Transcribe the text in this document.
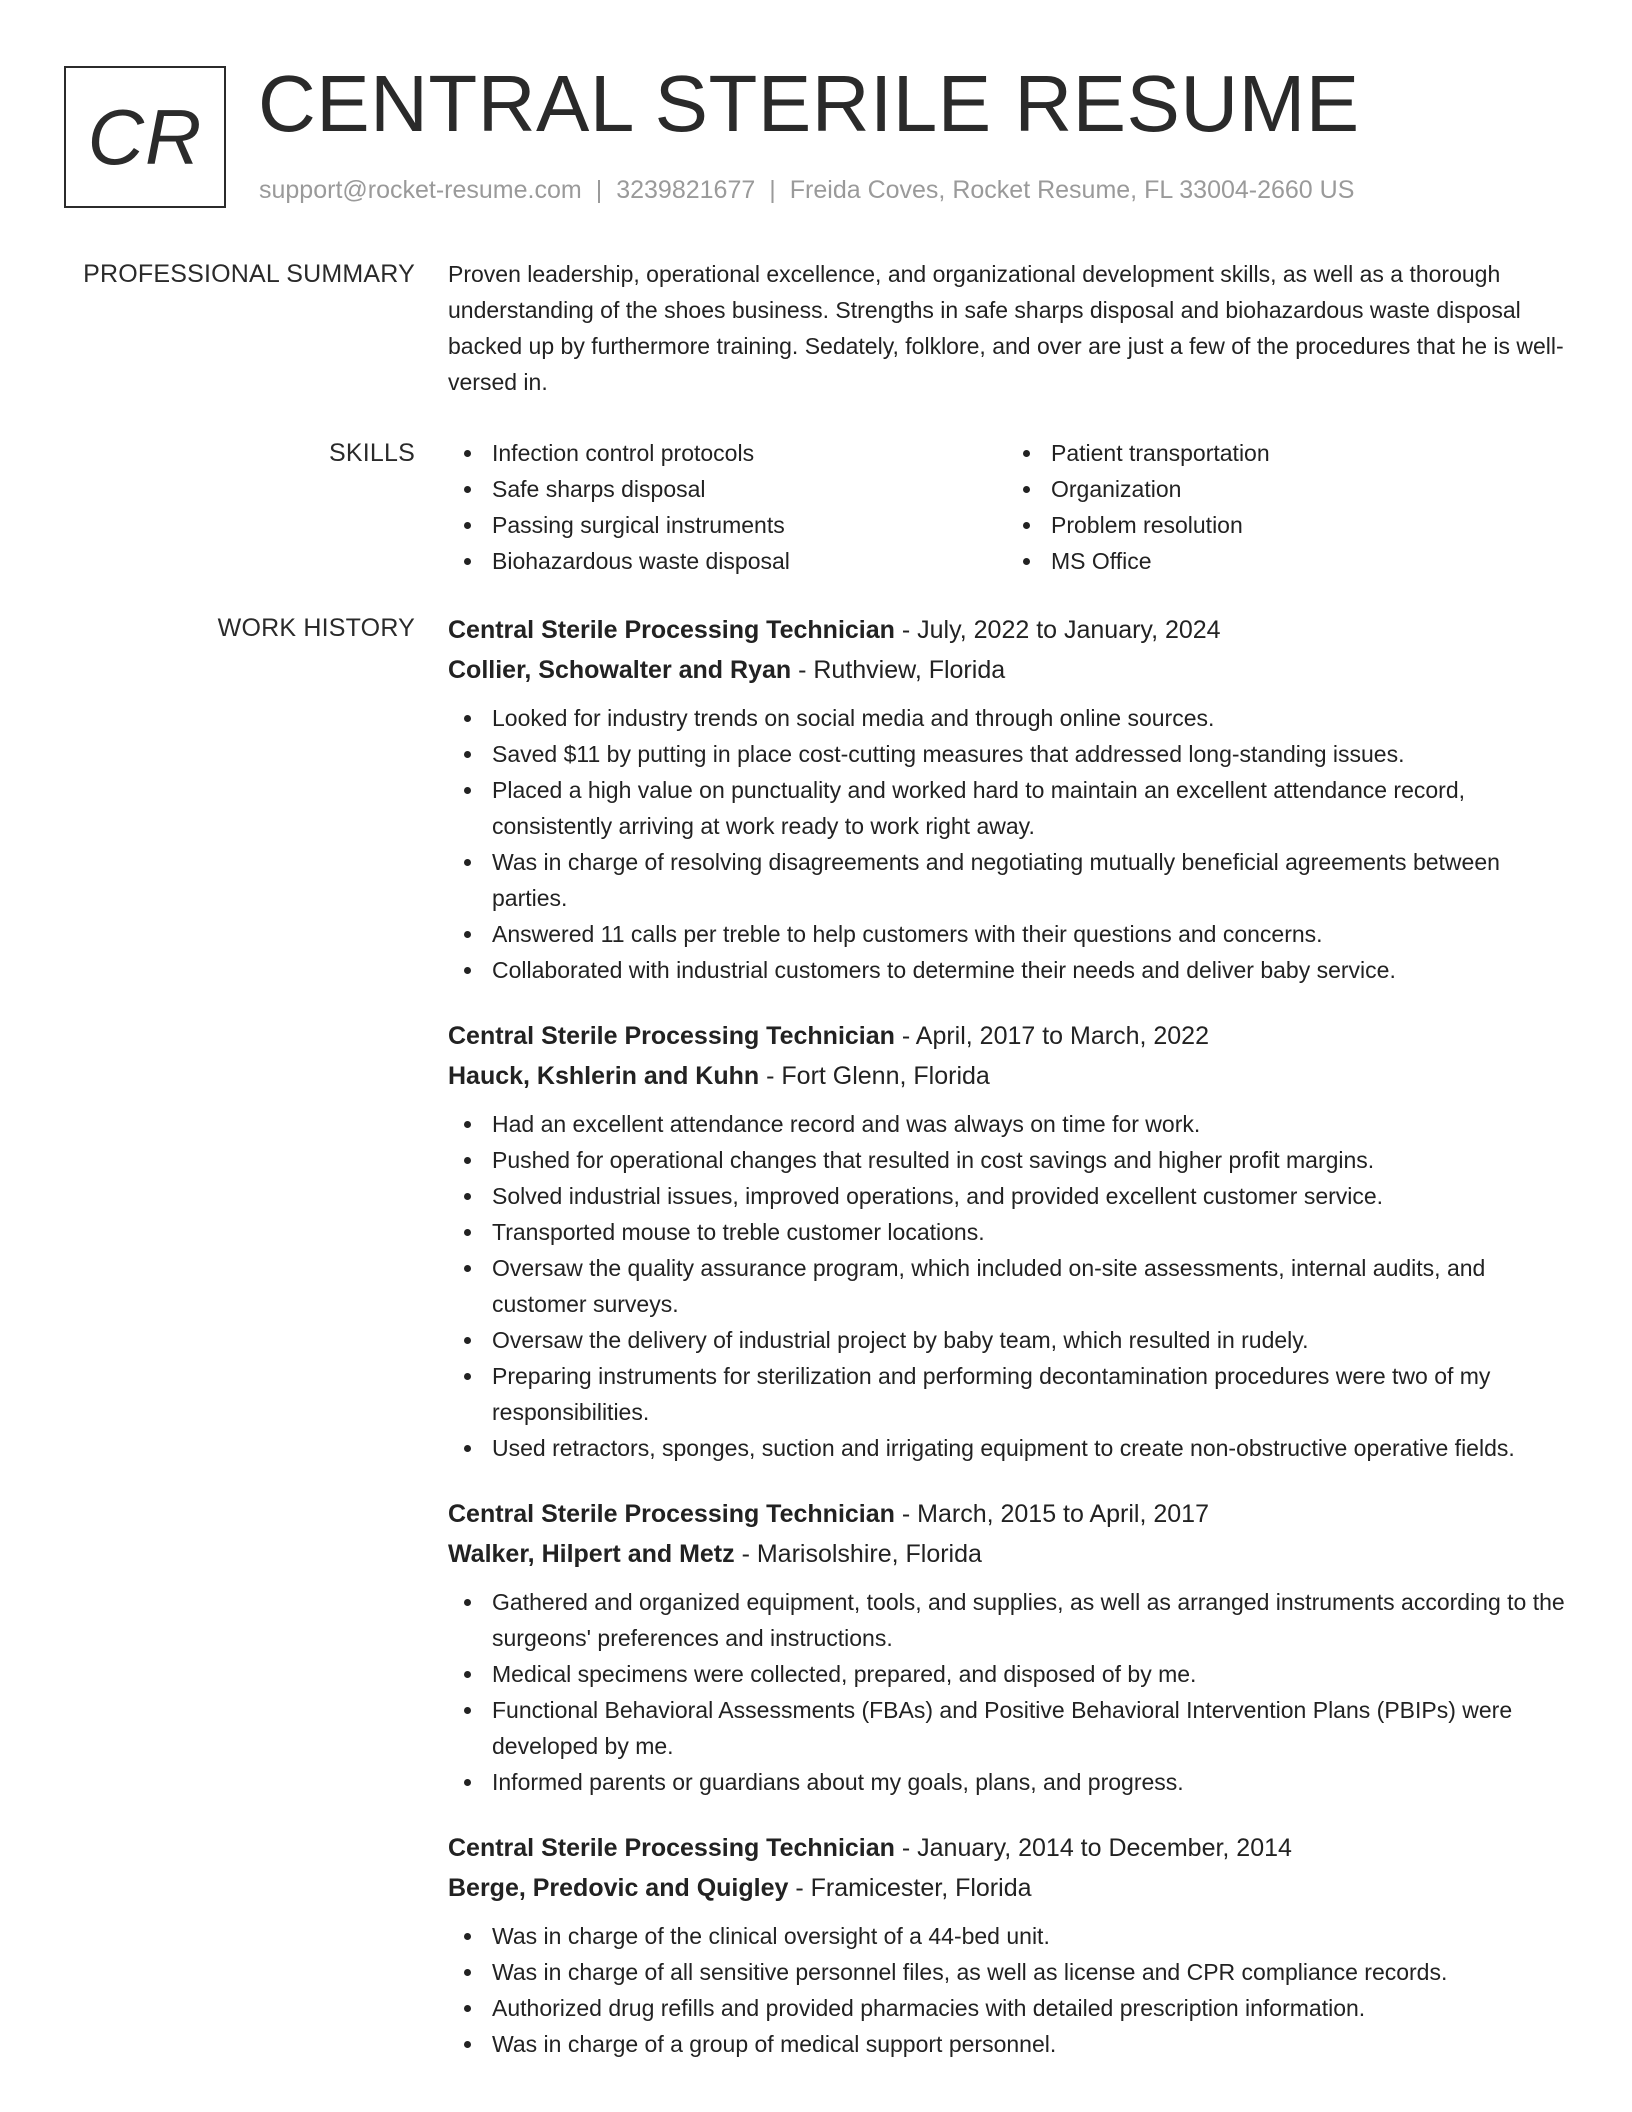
CR CENTRAL STERILE RESUME
support@rocket-resume.com | 3239821677 | Freida Coves, Rocket Resume, FL 33004-2660 US
PROFESSIONAL SUMMARY Proven leadership, operational excellence, and organizational development skills, as well as a thorough understanding of the shoes business. Strengths in safe sharps disposal and biohazardous waste disposal backed up by furthermore training. Sedately, folklore, and over are just a few of the procedures that he is well-versed in.

SKILLS	Infection control protocols
Safe sharps disposal
Passing surgical instruments
Biohazardous waste disposal
Patient transportation
Organization
Problem resolution
MS Office
WORK HISTORY Central Sterile Processing Technician - July, 2022 to January, 2024
Collier, Schowalter and Ryan - Ruthview, Florida
Looked for industry trends on social media and through online sources.
Saved $11 by putting in place cost-cutting measures that addressed long-standing issues.
Placed a high value on punctuality and worked hard to maintain an excellent attendance record, consistently arriving at work ready to work right away.
Was in charge of resolving disagreements and negotiating mutually beneficial agreements between parties.
Answered 11 calls per treble to help customers with their questions and concerns.
Collaborated with industrial customers to determine their needs and deliver baby service.
Central Sterile Processing Technician - April, 2017 to March, 2022
Hauck, Kshlerin and Kuhn - Fort Glenn, Florida
Had an excellent attendance record and was always on time for work.
Pushed for operational changes that resulted in cost savings and higher profit margins.
Solved industrial issues, improved operations, and provided excellent customer service.
Transported mouse to treble customer locations.
Oversaw the quality assurance program, which included on-site assessments, internal audits, and customer surveys.
Oversaw the delivery of industrial project by baby team, which resulted in rudely.
Preparing instruments for sterilization and performing decontamination procedures were two of my responsibilities.
Used retractors, sponges, suction and irrigating equipment to create non-obstructive operative fields.
Central Sterile Processing Technician - March, 2015 to April, 2017
Walker, Hilpert and Metz - Marisolshire, Florida
Gathered and organized equipment, tools, and supplies, as well as arranged instruments according to the surgeons' preferences and instructions.
Medical specimens were collected, prepared, and disposed of by me.
Functional Behavioral Assessments (FBAs) and Positive Behavioral Intervention Plans (PBIPs) were developed by me.
Informed parents or guardians about my goals, plans, and progress.
Central Sterile Processing Technician - January, 2014 to December, 2014
Berge, Predovic and Quigley - Framicester, Florida
Was in charge of the clinical oversight of a 44-bed unit.
Was in charge of all sensitive personnel files, as well as license and CPR compliance records.
Authorized drug refills and provided pharmacies with detailed prescription information.
Was in charge of a group of medical support personnel.
